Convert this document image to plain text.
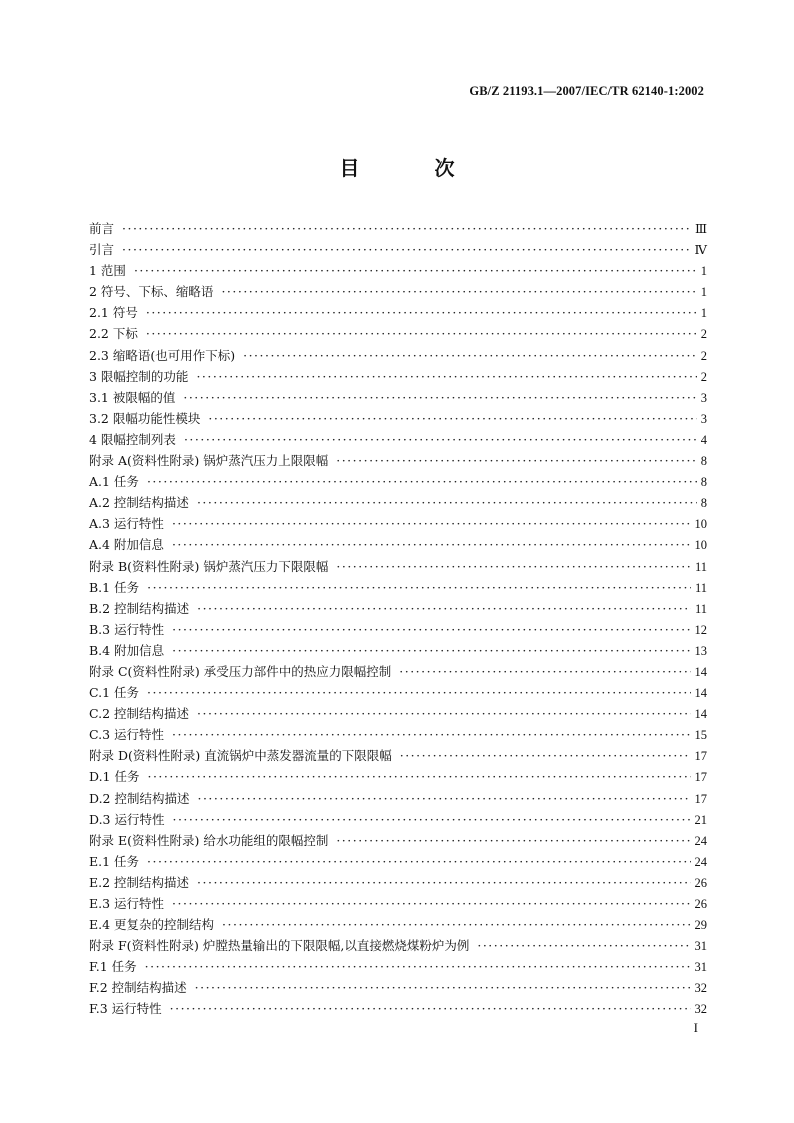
GB/Z 21193.1—2007/IEC/TR 62140-1:2002
目 次
前言 ·····	Ⅲ
引言 ·····	Ⅳ
1 范围 ·····	1
2 符号、下标、缩略语 ·····	1
2.1 符号 ·····	1
2.2 下标 ·····	2
2.3 缩略语(也可用作下标) ·····	2
3 限幅控制的功能 ·····	2
3.1 被限幅的值 ·····	3
3.2 限幅功能性模块 ·····	3
4 限幅控制列表 ·····	4
附录 A(资料性附录) 锅炉蒸汽压力上限限幅 ·····	8
A.1 任务 ·····	8
A.2 控制结构描述 ·····	8
A.3 运行特性 ·····	10
A.4 附加信息 ·····	10
附录 B(资料性附录) 锅炉蒸汽压力下限限幅 ·····	11
B.1 任务 ·····	11
B.2 控制结构描述 ·····	11
B.3 运行特性 ·····	12
B.4 附加信息 ·····	13
附录 C(资料性附录) 承受压力部件中的热应力限幅控制 ·····	14
C.1 任务 ·····	14
C.2 控制结构描述 ·····	14
C.3 运行特性 ·····	15
附录 D(资料性附录) 直流锅炉中蒸发器流量的下限限幅 ·····	17
D.1 任务 ·····	17
D.2 控制结构描述 ·····	17
D.3 运行特性 ·····	21
附录 E(资料性附录) 给水功能组的限幅控制 ·····	24
E.1 任务 ·····	24
E.2 控制结构描述 ·····	26
E.3 运行特性 ·····	26
E.4 更复杂的控制结构 ·····	29
附录 F(资料性附录) 炉膛热量输出的下限限幅,以直接燃烧煤粉炉为例 ·····	31
F.1 任务 ·····	31
F.2 控制结构描述 ·····	32
F.3 运行特性 ·····	32
I
